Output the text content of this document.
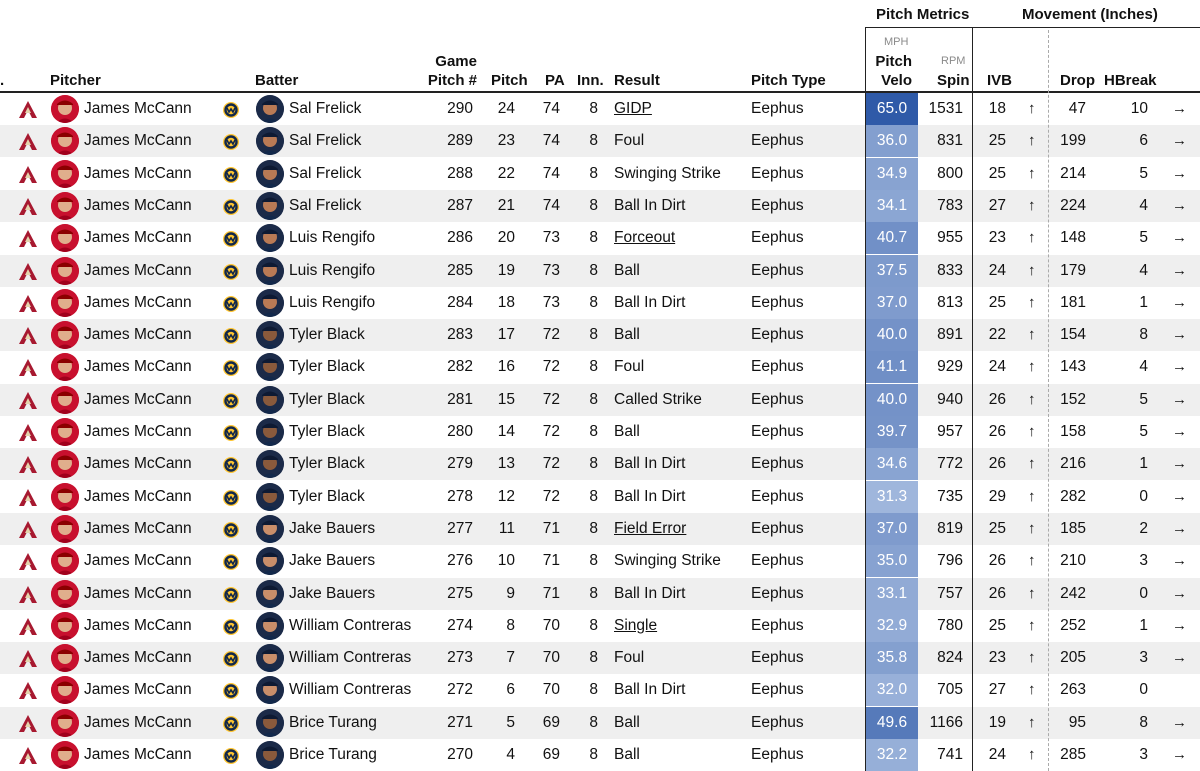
Pitch Metrics	Movement (Inches)
.	Pitcher	Batter
Game
Pitch # Pitch PA Inn. Result	Pitch Type
MPH
Pitch
Velo
RPM
Spin IVB	Drop HBreak
James McCann	Sal Frelick	290	24	74	8 GIDP	Eephus	65.0	1531	18 ↑	47	10 →
James McCann	Sal Frelick	289	23	74	8 Foul	Eephus	36.0	831	25 ↑	199	6 →
James McCann	Sal Frelick	288	22	74	8 Swinging Strike Eephus	34.9	800	25 ↑	214	5 →
James McCann	Sal Frelick	287	21	74	8 Ball In Dirt	Eephus	34.1	783	27 ↑	224	4 →
James McCann	Luis Rengifo	286	20	73	8 Forceout	Eephus	40.7	955	23 ↑	148	5 →
James McCann	Luis Rengifo	285	19	73	8 Ball	Eephus	37.5	833	24 ↑	179	4 →
James McCann	Luis Rengifo	284	18	73	8 Ball In Dirt	Eephus	37.0	813	25 ↑	181	1 →
James McCann	Tyler Black	283	17	72	8 Ball	Eephus	40.0	891	22 ↑	154	8 →
James McCann	Tyler Black	282	16	72	8 Foul	Eephus	41.1	929	24 ↑	143	4 →
James McCann	Tyler Black	281	15	72	8 Called Strike	Eephus	40.0	940	26 ↑	152	5 →
James McCann	Tyler Black	280	14	72	8 Ball	Eephus	39.7	957	26 ↑	158	5 →
James McCann	Tyler Black	279	13	72	8 Ball In Dirt	Eephus	34.6	772	26 ↑	216	1 →
James McCann	Tyler Black	278	12	72	8 Ball In Dirt	Eephus	31.3	735	29 ↑	282	0 →
James McCann	Jake Bauers	277	11	71	8 Field Error	Eephus	37.0	819	25 ↑	185	2 →
James McCann	Jake Bauers	276	10	71	8 Swinging Strike Eephus	35.0	796	26 ↑	210	3 →
James McCann	Jake Bauers	275	9	71	8 Ball In Dirt	Eephus	33.1	757	26 ↑	242	0 →
James McCann	William Contreras	274	8	70	8 Single	Eephus	32.9	780	25 ↑	252	1 →
James McCann	William Contreras	273	7	70	8 Foul	Eephus	35.8	824	23 ↑	205	3 →
James McCann	William Contreras	272	6	70	8 Ball In Dirt	Eephus	32.0	705	27 ↑	263	0
James McCann	Brice Turang	271	5	69	8 Ball	Eephus	49.6	1166	19 ↑	95	8 →
James McCann	Brice Turang	270	4	69	8 Ball	Eephus	32.2	741	24 ↑	285	3 →
